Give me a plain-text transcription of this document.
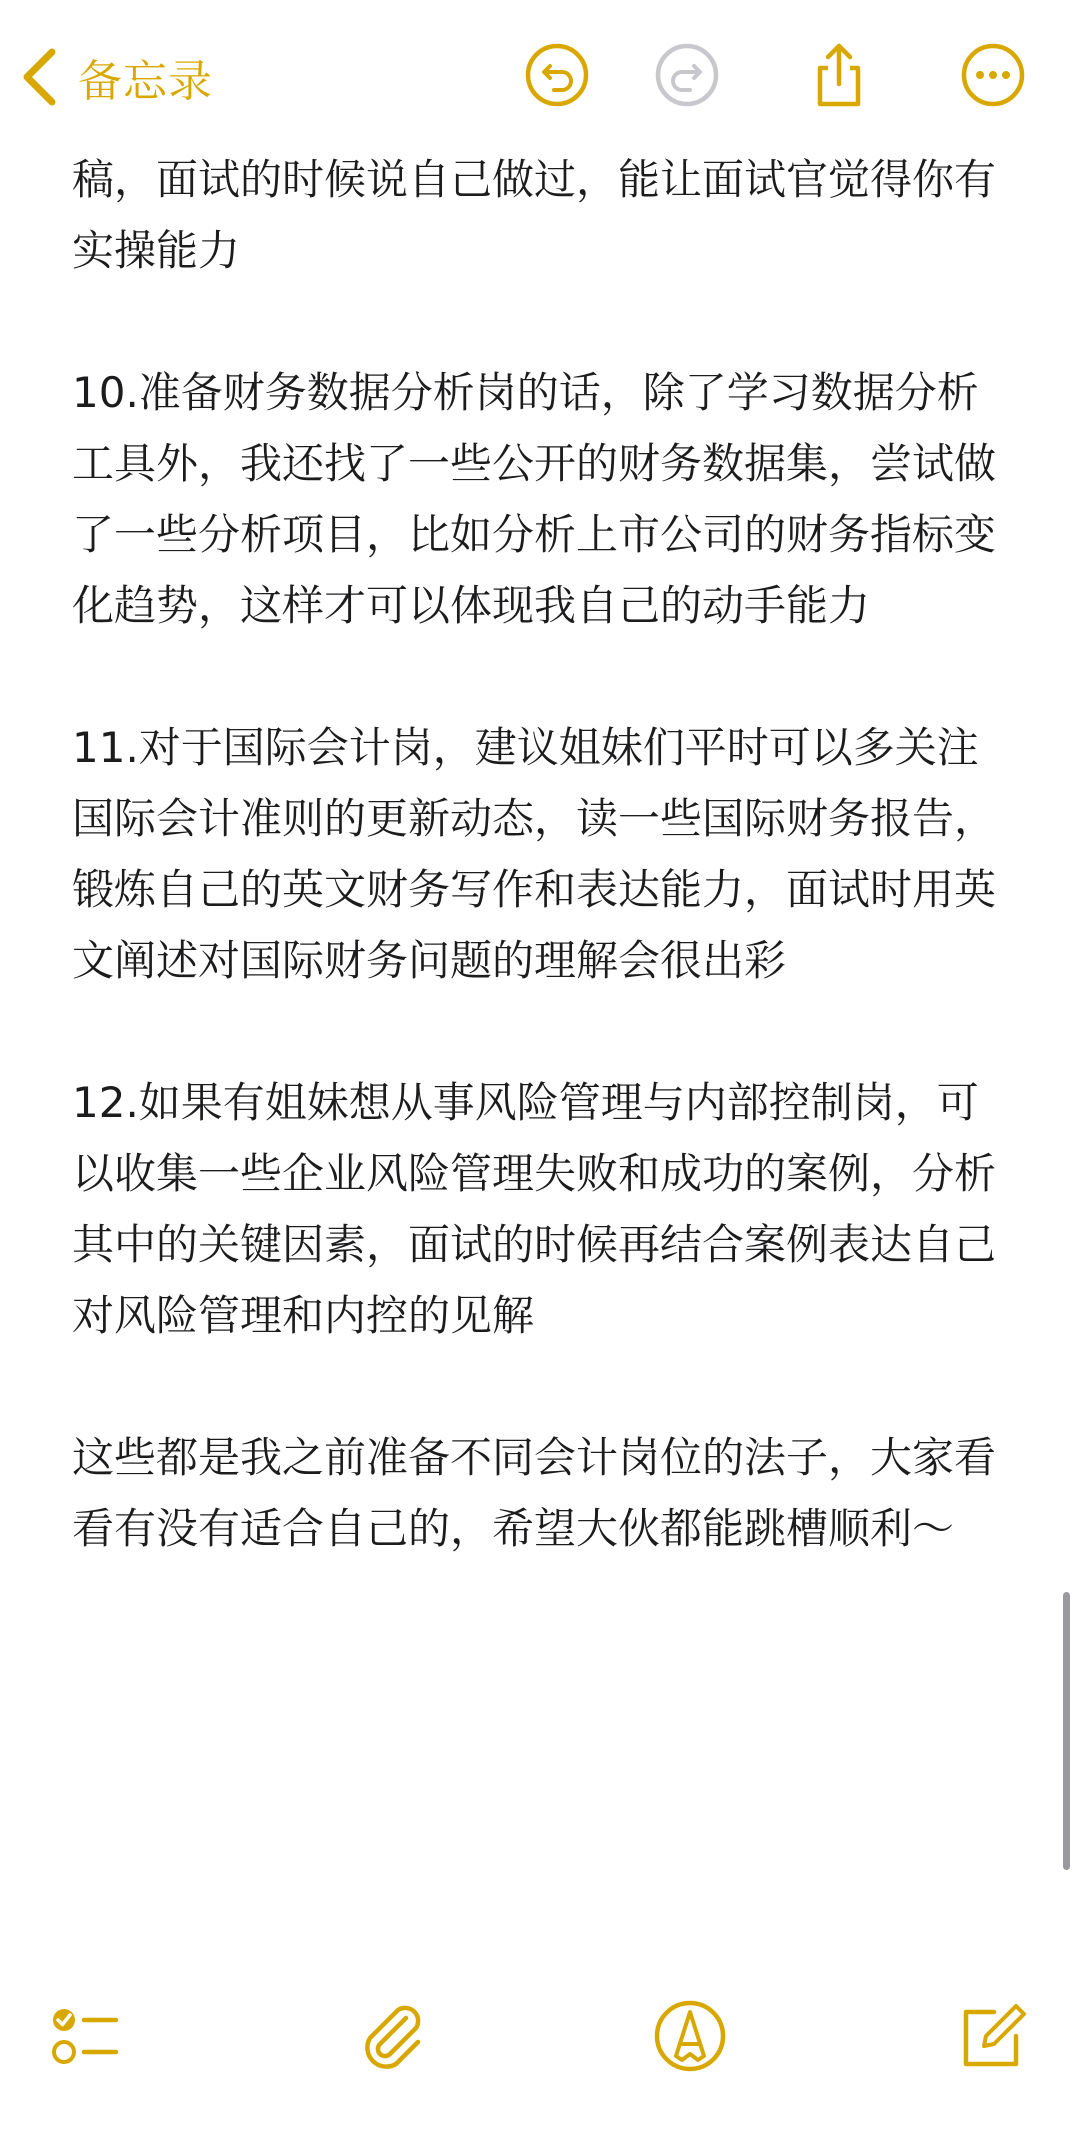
备忘录

稿，面试的时候说自己做过，能让面试官觉得你有实操能力

10.准备财务数据分析岗的话，除了学习数据分析工具外，我还找了一些公开的财务数据集，尝试做了一些分析项目，比如分析上市公司的财务指标变化趋势，这样才可以体现我自己的动手能力

11.对于国际会计岗，建议姐妹们平时可以多关注国际会计准则的更新动态，读一些国际财务报告，锻炼自己的英文财务写作和表达能力，面试时用英文阐述对国际财务问题的理解会很出彩

12.如果有姐妹想从事风险管理与内部控制岗，可以收集一些企业风险管理失败和成功的案例，分析其中的关键因素，面试的时候再结合案例表达自己对风险管理和内控的见解

这些都是我之前准备不同会计岗位的法子，大家看看有没有适合自己的，希望大伙都能跳槽顺利～
